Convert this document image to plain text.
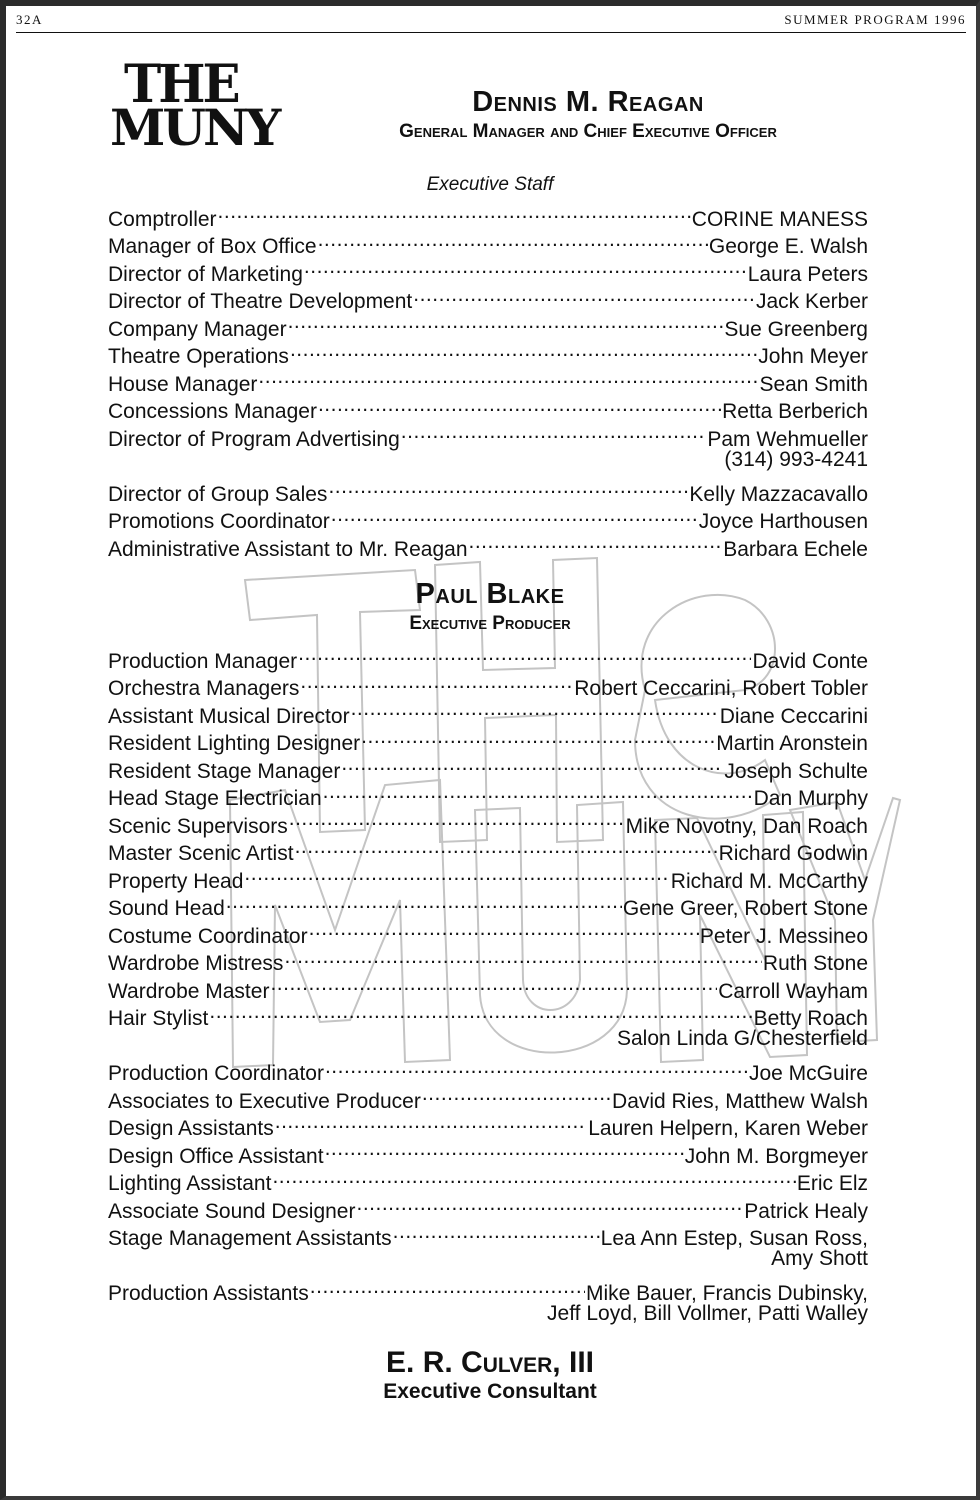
32A	SUMMER PROGRAM 1996
THE
MUNY	Dennis M. Reagan
General Manager and Chief Executive Officer
Executive Staff
Comptroller .....	CORINE MANESS
Manager of Box Office .....	George E. Walsh
Director of Marketing .....	Laura Peters
Director of Theatre Development .....	Jack Kerber
Company Manager .....	Sue Greenberg
Theatre Operations .....	John Meyer
House Manager .....	Sean Smith
Concessions Manager .....	Retta Berberich
Director of Program Advertising .....	Pam Wehmueller
(314) 993-4241
Director of Group Sales .....	Kelly Mazzacavallo
Promotions Coordinator .....	Joyce Harthousen
Administrative Assistant to Mr. Reagan .....	Barbara Echele
Paul Blake
Executive Producer
Production Manager .....	David Conte
Orchestra Managers .....	Robert Ceccarini, Robert Tobler
Assistant Musical Director .....	Diane Ceccarini
Resident Lighting Designer .....	Martin Aronstein
Resident Stage Manager .....	Joseph Schulte
Head Stage Electrician .....	Dan Murphy
Scenic Supervisors .....	Mike Novotny, Dan Roach
Master Scenic Artist .....	Richard Godwin
Property Head .....	Richard M. McCarthy
Sound Head .....	Gene Greer, Robert Stone
Costume Coordinator .....	Peter J. Messineo
Wardrobe Mistress .....	Ruth Stone
Wardrobe Master .....	Carroll Wayham
Hair Stylist .....	Betty Roach
Salon Linda G/Chesterfield
Production Coordinator .....	Joe McGuire
Associates to Executive Producer .....	David Ries, Matthew Walsh
Design Assistants .....	Lauren Helpern, Karen Weber
Design Office Assistant .....	John M. Borgmeyer
Lighting Assistant .....	Eric Elz
Associate Sound Designer .....	Patrick Healy
Stage Management Assistants .....	Lea Ann Estep, Susan Ross,
Amy Shott
Production Assistants .....	Mike Bauer, Francis Dubinsky,
Jeff Loyd, Bill Vollmer, Patti Walley
E. R. Culver, III
Executive Consultant
